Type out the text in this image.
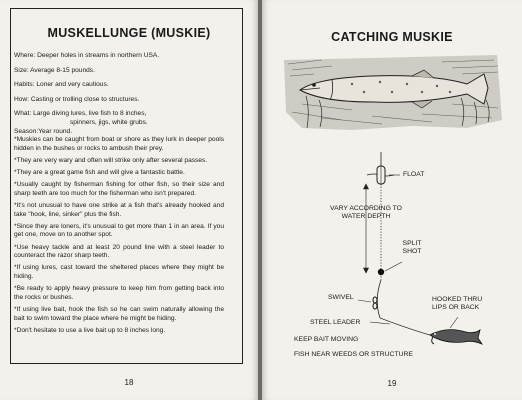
MUSKELLUNGE (MUSKIE)
Where: Deeper holes in streams in northern USA.
Size: Average 8-15 pounds.
Habits: Loner and very cautious.
How: Casting or trolling close to structures.
What: Large diving lures, live fish to 8 inches,
spinners, jigs, white grubs.
Season:Year round.
*Muskies can be caught from boat or shore as they lurk in deeper pools hidden in the bushes or rocks to ambush their prey.
*They are very wary and often will strike only after several passes.
*They are a great game fish and will give a fantastic battle.
*Usually caught by fisherman fishing for other fish, so their size and sharp teeth are too much for the fisherman who isn't prepared.
*It's not unusual to have one strike at a fish that's already hooked and take "hook, line, sinker" plus the fish.
*Since they are loners, it's unusual to get more than 1 in an area. If you get one, move on to another spot.
*Use heavy tackle and at least 20 pound line with a steel leader to counteract the razor sharp teeth.
*If using lures, cast toward the sheltered places where they might be hiding.
*Be ready to apply heavy pressure to keep him from getting back into the rocks or bushes.
*If using live bait, hook the fish so he can swim naturally allowing the bait to swim toward the place where he might be hiding.
*Don't hesitate to use a live bait up to 8 inches long.
18
CATCHING MUSKIE
FLOAT
VARY ACCORDING TO WATER DEPTH
SPLIT SHOT
SWIVEL
STEEL LEADER
HOOKED THRU LIPS OR BACK
KEEP BAIT MOVING
FISH NEAR WEEDS OR STRUCTURE
19
